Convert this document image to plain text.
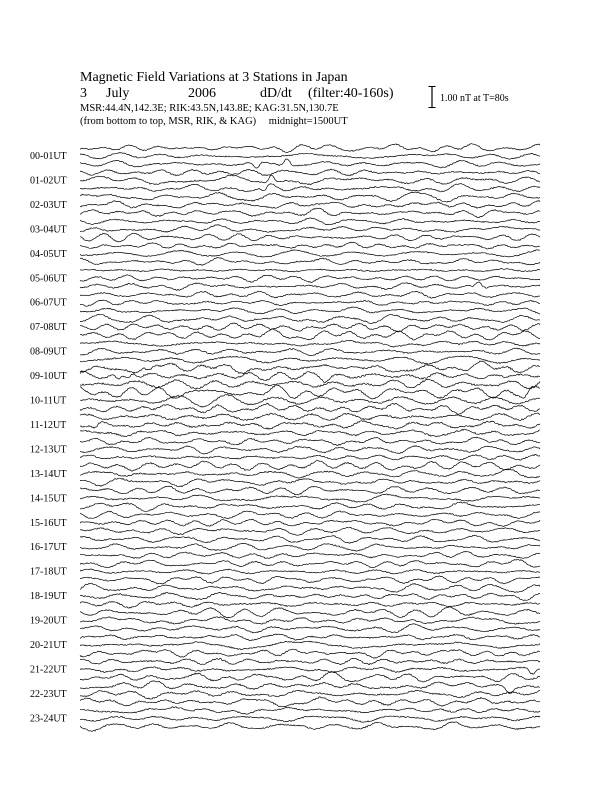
Magnetic Field Variations at 3 Stations in Japan
3 July	2006	dD/dt (filter:40-160s)
MSR:44.4N,142.3E; RIK:43.5N,143.8E; KAG:31.5N,130.7E
(from bottom to top, MSR, RIK, & KAG) midnight=1500UT
1.00 nT at T=80s
00-01UT
01-02UT
02-03UT
03-04UT
04-05UT
05-06UT
06-07UT
07-08UT
08-09UT
09-10UT
10-11UT
11-12UT
12-13UT
13-14UT
14-15UT
15-16UT
16-17UT
17-18UT
18-19UT
19-20UT
20-21UT
21-22UT
22-23UT
23-24UT
